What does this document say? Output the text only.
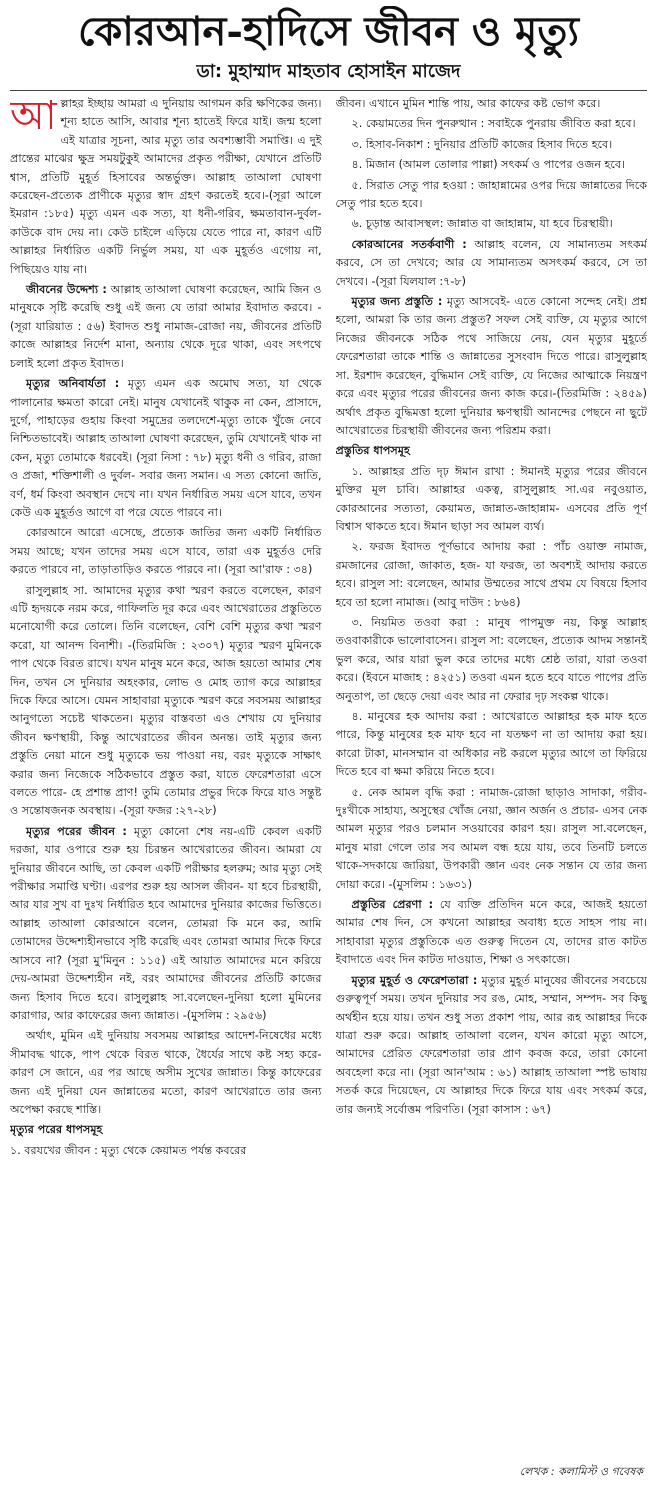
কোরআন-হাদিসে জীবন ও মৃত্যু
ডা: মুহাম্মাদ মাহতাব হোসাইন মাজেদ

আল্লাহর ইচ্ছায় আমরা এ দুনিয়ায় আগমন করি ক্ষণিকের জন্য। শূন্য হাতে আসি, আবার শূন্য হাতেই ফিরে যাই। জন্ম হলো এই যাত্রার সূচনা, আর মৃত্যু তার অবশ্যম্ভাবী সমাপ্তি। এ দুই প্রান্তের মাঝের ক্ষুদ্র সময়টুকুই আমাদের প্রকৃত পরীক্ষা, যেখানে প্রতিটি শ্বাস, প্রতিটি মুহূর্ত হিসাবের অন্তর্ভুক্ত। আল্লাহ তাআলা ঘোষণা করেছেন-প্রত্যেক প্রাণীকে মৃত্যুর স্বাদ গ্রহণ করতেই হবে।-(সূরা আলে ইমরান :১৮৫) মৃত্যু এমন এক সত্য, যা ধনী-গরিব, ক্ষমতাবান-দুর্বল- কাউকে বাদ দেয় না। কেউ চাইলে এড়িয়ে যেতে পারে না, কারণ এটি আল্লাহর নির্ধারিত একটি নির্ভুল সময়, যা এক মুহূর্তও এগোয় না, পিছিয়েও যায় না।

জীবনের উদ্দেশ্য : আল্লাহ তাআলা ঘোষণা করেছেন, আমি জিন ও মানুষকে সৃষ্টি করেছি শুধু এই জন্য যে তারা আমার ইবাদাত করবে। -(সূরা যারিয়াত : ৫৬) ইবাদত শুধু নামাজ-রোজা নয়, জীবনের প্রতিটি কাজে আল্লাহর নির্দেশ মানা, অন্যায় থেকে দূরে থাকা, এবং সৎপথে চলাই হলো প্রকৃত ইবাদত।

মৃত্যুর অনিবার্যতা : মৃত্যু এমন এক অমোঘ সত্য, যা থেকে পালানোর ক্ষমতা কারো নেই। মানুষ যেখানেই থাকুক না কেন, প্রাসাদে, দুর্গে, পাহাড়ের গুহায় কিংবা সমুদ্রের তলদেশে-মৃত্যু তাকে খুঁজে নেবে নিশ্চিতভাবেই। আল্লাহ তাআলা ঘোষণা করেছেন, তুমি যেখানেই থাক না কেন, মৃত্যু তোমাকে ধরবেই। (সূরা নিসা : ৭৮) মৃত্যু ধনী ও গরিব, রাজা ও প্রজা, শক্তিশালী ও দুর্বল- সবার জন্য সমান। এ সত্য কোনো জাতি, বর্ণ, ধর্ম কিংবা অবস্থান দেখে না। যখন নির্ধারিত সময় এসে যাবে, তখন কেউ এক মুহূর্তও আগে বা পরে যেতে পারবে না।

কোরআনে আরো এসেছে, প্রত্যেক জাতির জন্য একটি নির্ধারিত সময় আছে; যখন তাদের সময় এসে যাবে, তারা এক মুহূর্তও দেরি করতে পারবে না, তাড়াতাড়িও করতে পারবে না। (সূরা আ'রাফ : ৩৪)

রাসুলুল্লাহ সা. আমাদের মৃত্যুর কথা স্মরণ করতে বলেছেন, কারণ এটি হৃদয়কে নরম করে, গাফিলতি দূর করে এবং আখেরাতের প্রস্তুতিতে মনোযোগী করে তোলে। তিনি বলেছেন, বেশি বেশি মৃত্যুর কথা স্মরণ করো, যা আনন্দ বিনাশী। -(তিরমিজি : ২৩০৭) মৃত্যুর স্মরণ মুমিনকে পাপ থেকে বিরত রাখে। যখন মানুষ মনে করে, আজ হয়তো আমার শেষ দিন, তখন সে দুনিয়ার অহংকার, লোভ ও মোহ ত্যাগ করে আল্লাহর দিকে ফিরে আসে। যেমন সাহাবারা মৃত্যুকে স্মরণ করে সবসময় আল্লাহর আনুগত্যে সচেষ্ট থাকতেন। মৃত্যুর বাস্তবতা এও শেখায় যে দুনিয়ার জীবন ক্ষণস্থায়ী, কিন্তু আখেরাতের জীবন অনন্ত। তাই মৃত্যুর জন্য প্রস্তুতি নেয়া মানে শুধু মৃত্যুকে ভয় পাওয়া নয়, বরং মৃত্যুকে সাক্ষাৎ করার জন্য নিজেকে সঠিকভাবে প্রস্তুত করা, যাতে ফেরেশতারা এসে বলতে পারে- হে প্রশান্ত প্রাণ! তুমি তোমার প্রভুর দিকে ফিরে যাও সন্তুষ্ট ও সন্তোষজনক অবস্থায়। -(সূরা ফজর :২৭-২৮)

মৃত্যুর পরের জীবন : মৃত্যু কোনো শেষ নয়-এটি কেবল একটি দরজা, যার ওপারে শুরু হয় চিরন্তন আখেরাতের জীবন। আমরা যে দুনিয়ার জীবনে আছি, তা কেবল একটি পরীক্ষার হলরুম; আর মৃত্যু সেই পরীক্ষার সমাপ্তি ঘণ্টা। এরপর শুরু হয় আসল জীবন- যা হবে চিরস্থায়ী, আর যার সুখ বা দুঃখ নির্ধারিত হবে আমাদের দুনিয়ার কাজের ভিত্তিতে। আল্লাহ তাআলা কোরআনে বলেন, তোমরা কি মনে কর, আমি তোমাদের উদ্দেশ্যহীনভাবে সৃষ্টি করেছি এবং তোমরা আমার দিকে ফিরে আসবে না? (সূরা মু'মিনুন : ১১৫) এই আয়াত আমাদের মনে করিয়ে দেয়-আমরা উদ্দেশ্যহীন নই, বরং আমাদের জীবনের প্রতিটি কাজের জন্য হিসাব দিতে হবে। রাসুলুল্লাহ সা.বলেছেন-দুনিয়া হলো মুমিনের কারাগার, আর কাফেরের জন্য জান্নাত। -(মুসলিম : ২৯৫৬)

অর্থাৎ, মুমিন এই দুনিয়ায় সবসময় আল্লাহর আদেশ-নিষেধের মধ্যে সীমাবদ্ধ থাকে, পাপ থেকে বিরত থাকে, ধৈর্যের সাথে কষ্ট সহ্য করে-কারণ সে জানে, এর পর আছে অসীম সুখের জান্নাত। কিন্তু কাফেরের জন্য এই দুনিয়া যেন জান্নাতের মতো, কারণ আখেরাতে তার জন্য অপেক্ষা করছে শাস্তি।

মৃত্যুর পরের ধাপসমূহ

১. বরযখের জীবন : মৃত্যু থেকে কেয়ামত পর্যন্ত কবরের

জীবন। এখানে মুমিন শান্তি পায়, আর কাফের কষ্ট ভোগ করে।

২. কেয়ামতের দিন পুনরুত্থান : সবাইকে পুনরায় জীবিত করা হবে।

৩. হিসাব-নিকাশ : দুনিয়ার প্রতিটি কাজের হিসাব দিতে হবে।

৪. মিজান (আমল তোলার পাল্লা) সৎকর্ম ও পাপের ওজন হবে।

৫. সিরাত সেতু পার হওয়া : জাহান্নামের ওপর দিয়ে জান্নাতের দিকে সেতু পার হতে হবে।

৬. চূড়ান্ত আবাসস্থল: জান্নাত বা জাহান্নাম, যা হবে চিরস্থায়ী।

কোরআনের সতর্কবাণী : আল্লাহ বলেন, যে সামান্যতম সৎকর্ম করবে, সে তা দেখবে; আর যে সামান্যতম অসৎকর্ম করবে, সে তা দেখবে। -(সূরা যিলযাল :৭-৮)

মৃত্যুর জন্য প্রস্তুতি : মৃত্যু আসবেই- এতে কোনো সন্দেহ নেই। প্রশ্ন হলো, আমরা কি তার জন্য প্রস্তুত? সফল সেই ব্যক্তি, যে মৃত্যুর আগে নিজের জীবনকে সঠিক পথে সাজিয়ে নেয়, যেন মৃত্যুর মুহূর্তে ফেরেশতারা তাকে শান্তি ও জান্নাতের সুসংবাদ দিতে পারে। রাসুলুল্লাহ সা. ইরশাদ করেছেন, বুদ্ধিমান সেই ব্যক্তি, যে নিজের আত্মাকে নিয়ন্ত্রণ করে এবং মৃত্যুর পরের জীবনের জন্য কাজ করে।-(তিরমিজি : ২৪৫৯) অর্থাৎ প্রকৃত বুদ্ধিমত্তা হলো দুনিয়ার ক্ষণস্থায়ী আনন্দের পেছনে না ছুটে আখেরাতের চিরস্থায়ী জীবনের জন্য পরিশ্রম করা।

প্রস্তুতির ধাপসমূহ

১. আল্লাহর প্রতি দৃঢ় ঈমান রাখা : ঈমানই মৃত্যুর পরের জীবনে মুক্তির মূল চাবি। আল্লাহর একত্ব, রাসুলুল্লাহ সা.এর নবুওয়াত, কোরআনের সত্যতা, কেয়ামত, জান্নাত-জাহান্নাম- এসবের প্রতি পূর্ণ বিশ্বাস থাকতে হবে। ঈমান ছাড়া সব আমল ব্যর্থ।

২. ফরজ ইবাদত পূর্ণভাবে আদায় করা : পাঁচ ওয়াক্ত নামাজ, রমজানের রোজা, জাকাত, হজ- যা ফরজ, তা অবশ্যই আদায় করতে হবে। রাসুল সা: বলেছেন, আমার উম্মতের সাথে প্রথম যে বিষয়ে হিসাব হবে তা হলো নামাজ। (আবু দাউদ : ৮৬৪)

৩. নিয়মিত তওবা করা : মানুষ পাপমুক্ত নয়, কিন্তু আল্লাহ তওবাকারীকে ভালোবাসেন। রাসুল সা: বলেছেন, প্রত্যেক আদম সন্তানই ভুল করে, আর যারা ভুল করে তাদের মধ্যে শ্রেষ্ঠ তারা, যারা তওবা করে। (ইবনে মাজাহ : ৪২৫১) তওবা এমন হতে হবে যাতে পাপের প্রতি অনুতাপ, তা ছেড়ে দেয়া এবং আর না ফেরার দৃঢ় সংকল্প থাকে।

৪. মানুষের হক আদায় করা : আখেরাতে আল্লাহর হক মাফ হতে পারে, কিন্তু মানুষের হক মাফ হবে না যতক্ষণ না তা আদায় করা হয়। কারো টাকা, মানসম্মান বা অধিকার নষ্ট করলে মৃত্যুর আগে তা ফিরিয়ে দিতে হবে বা ক্ষমা করিয়ে নিতে হবে।

৫. নেক আমল বৃদ্ধি করা : নামাজ-রোজা ছাড়াও সাদাকা, গরীব-দুঃখীকে সাহায্য, অসুস্থের খোঁজ নেয়া, জ্ঞান অর্জন ও প্রচার- এসব নেক আমল মৃত্যুর পরও চলমান সওয়াবের কারণ হয়। রাসুল সা.বলেছেন, মানুষ মারা গেলে তার সব আমল বন্ধ হয়ে যায়, তবে তিনটি চলতে থাকে-সদকায়ে জারিয়া, উপকারী জ্ঞান এবং নেক সন্তান যে তার জন্য দোয়া করে। -(মুসলিম : ১৬৩১)

প্রস্তুতির প্রেরণা : যে ব্যক্তি প্রতিদিন মনে করে, আজই হয়তো আমার শেষ দিন, সে কখনো আল্লাহর অবাধ্য হতে সাহস পায় না। সাহাবারা মৃত্যুর প্রস্তুতিকে এত গুরুত্ব দিতেন যে, তাদের রাত কাটত ইবাদাতে এবং দিন কাটত দাওয়াত, শিক্ষা ও সৎকাজে।

মৃত্যুর মুহূর্ত ও ফেরেশতারা : মৃত্যুর মুহূর্ত মানুষের জীবনের সবচেয়ে গুরুত্বপূর্ণ সময়। তখন দুনিয়ার সব রঙ, মোহ, সম্মান, সম্পদ- সব কিছু অর্থহীন হয়ে যায়। তখন শুধু সত্য প্রকাশ পায়, আর রূহ আল্লাহর দিকে যাত্রা শুরু করে। আল্লাহ তাআলা বলেন, যখন কারো মৃত্যু আসে, আমাদের প্রেরিত ফেরেশতারা তার প্রাণ কবজ করে, তারা কোনো অবহেলা করে না। (সূরা আন'আম : ৬১) আল্লাহ তাআলা স্পষ্ট ভাষায় সতর্ক করে দিয়েছেন, যে আল্লাহর দিকে ফিরে যায় এবং সৎকর্ম করে, তার জন্যই সর্বোত্তম পরিণতি। (সূরা কাসাস : ৬৭)

লেখক : কলামিস্ট ও গবেষক
